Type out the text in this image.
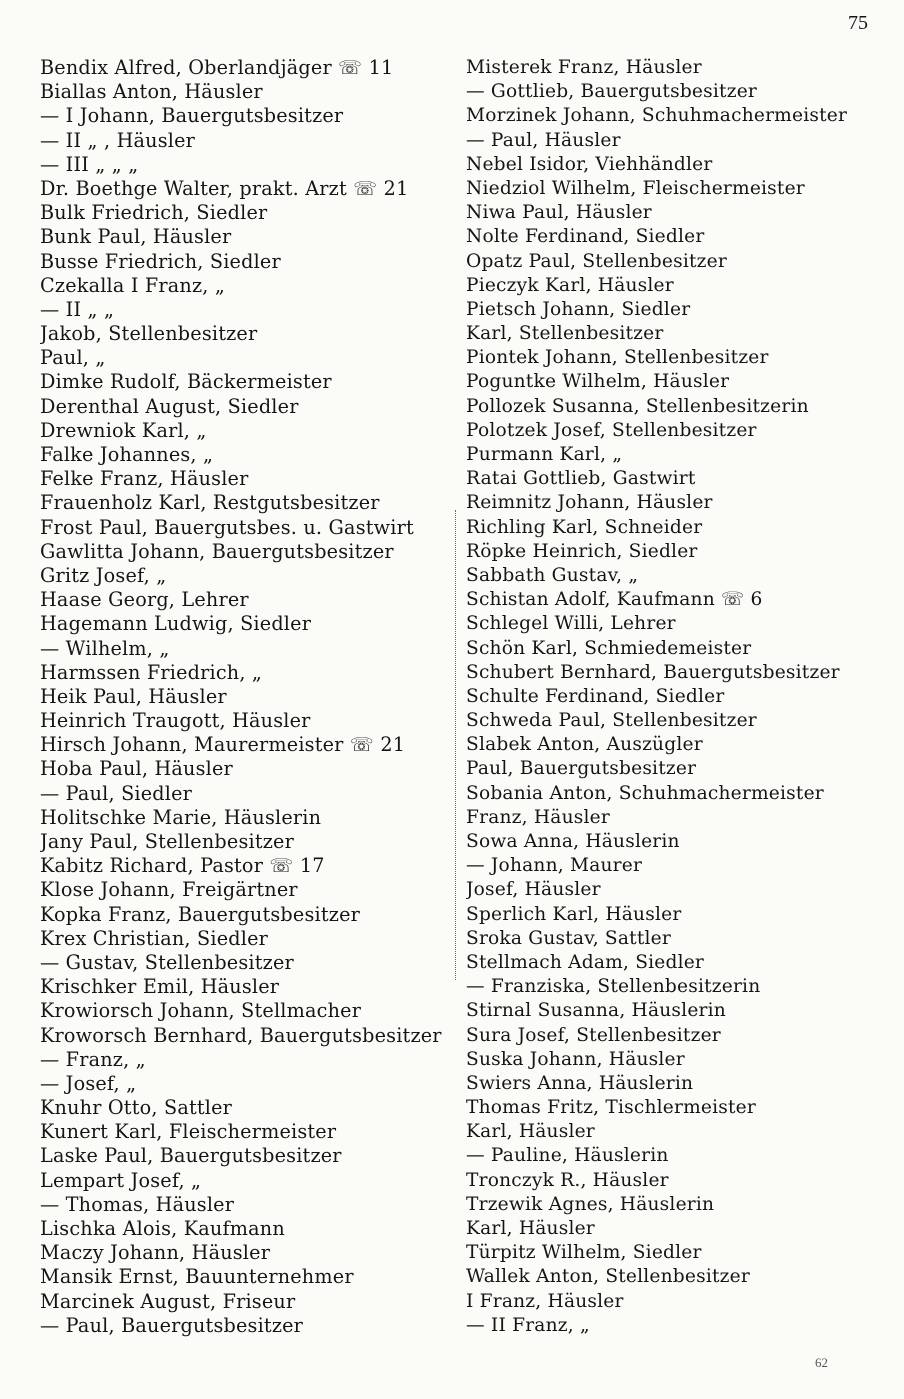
75
Bendix Alfred, Oberlandjäger ☏ 11
Biallas Anton, Häusler
— I Johann, Bauergutsbesitzer
— II „ , Häusler
— III „ „ „
Dr. Boethge Walter, prakt. Arzt ☏ 21
Bulk Friedrich, Siedler
Bunk Paul, Häusler
Busse Friedrich, Siedler
Czekalla I Franz, „
— II „ „
Jakob, Stellenbesitzer
Paul, „
Dimke Rudolf, Bäckermeister
Derenthal August, Siedler
Drewniok Karl, „
Falke Johannes, „
Felke Franz, Häusler
Frauenholz Karl, Restgutsbesitzer
Frost Paul, Bauergutsbes. u. Gastwirt
Gawlitta Johann, Bauergutsbesitzer
Gritz Josef, „
Haase Georg, Lehrer
Hagemann Ludwig, Siedler
— Wilhelm, „
Harmssen Friedrich, „
Heik Paul, Häusler
Heinrich Traugott, Häusler
Hirsch Johann, Maurermeister ☏ 21
Hoba Paul, Häusler
— Paul, Siedler
Holitschke Marie, Häuslerin
Jany Paul, Stellenbesitzer
Kabitz Richard, Pastor ☏ 17
Klose Johann, Freigärtner
Kopka Franz, Bauergutsbesitzer
Krex Christian, Siedler
— Gustav, Stellenbesitzer
Krischker Emil, Häusler
Krowiorsch Johann, Stellmacher
Kroworsch Bernhard, Bauergutsbesitzer
— Franz, „
— Josef, „
Knuhr Otto, Sattler
Kunert Karl, Fleischermeister
Laske Paul, Bauergutsbesitzer
Lempart Josef, „
— Thomas, Häusler
Lischka Alois, Kaufmann
Maczy Johann, Häusler
Mansik Ernst, Bauunternehmer
Marcinek August, Friseur
— Paul, Bauergutsbesitzer
Misterek Franz, Häusler
— Gottlieb, Bauergutsbesitzer
Morzinek Johann, Schuhmachermeister
— Paul, Häusler
Nebel Isidor, Viehhändler
Niedziol Wilhelm, Fleischermeister
Niwa Paul, Häusler
Nolte Ferdinand, Siedler
Opatz Paul, Stellenbesitzer
Pieczyk Karl, Häusler
Pietsch Johann, Siedler
Karl, Stellenbesitzer
Piontek Johann, Stellenbesitzer
Poguntke Wilhelm, Häusler
Pollozek Susanna, Stellenbesitzerin
Polotzek Josef, Stellenbesitzer
Purmann Karl, „
Ratai Gottlieb, Gastwirt
Reimnitz Johann, Häusler
Richling Karl, Schneider
Röpke Heinrich, Siedler
Sabbath Gustav, „
Schistan Adolf, Kaufmann ☏ 6
Schlegel Willi, Lehrer
Schön Karl, Schmiedemeister
Schubert Bernhard, Bauergutsbesitzer
Schulte Ferdinand, Siedler
Schweda Paul, Stellenbesitzer
Slabek Anton, Auszügler
Paul, Bauergutsbesitzer
Sobania Anton, Schuhmachermeister
Franz, Häusler
Sowa Anna, Häuslerin
— Johann, Maurer
Josef, Häusler
Sperlich Karl, Häusler
Sroka Gustav, Sattler
Stellmach Adam, Siedler
— Franziska, Stellenbesitzerin
Stirnal Susanna, Häuslerin
Sura Josef, Stellenbesitzer
Suska Johann, Häusler
Swiers Anna, Häuslerin
Thomas Fritz, Tischlermeister
Karl, Häusler
— Pauline, Häuslerin
Tronczyk R., Häusler
Trzewik Agnes, Häuslerin
Karl, Häusler
Türpitz Wilhelm, Siedler
Wallek Anton, Stellenbesitzer
I Franz, Häusler
— II Franz, „
62
